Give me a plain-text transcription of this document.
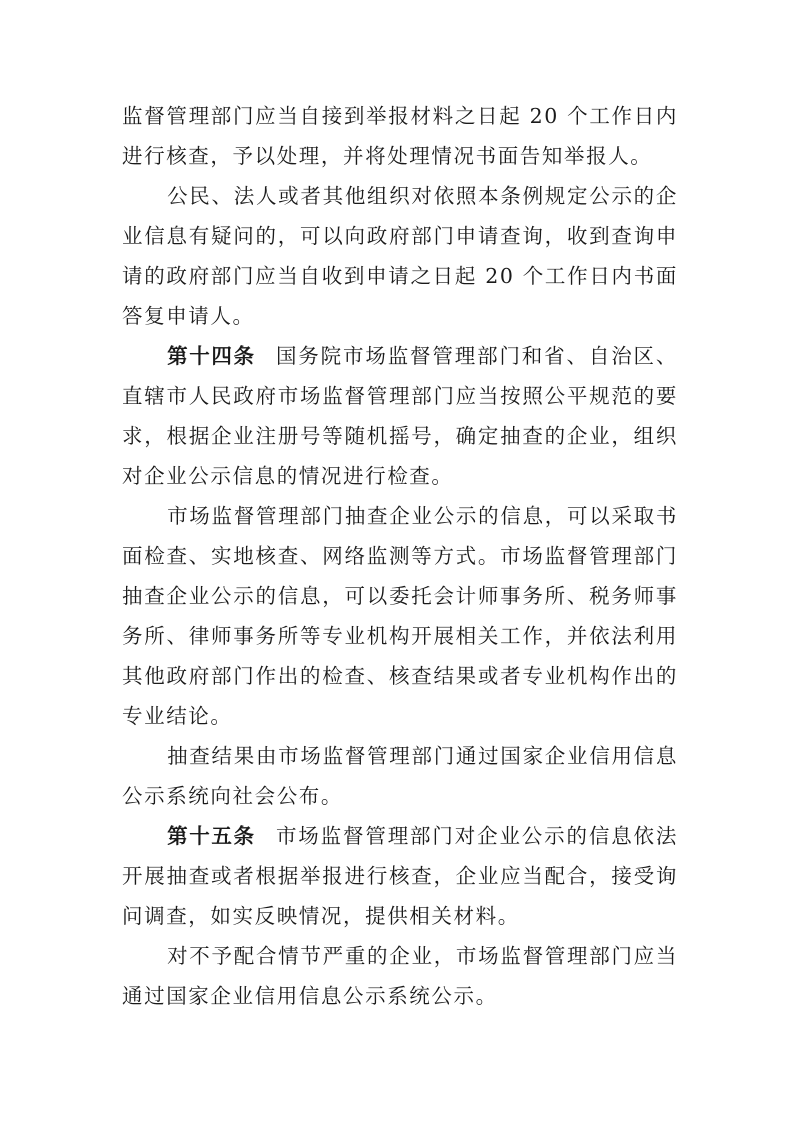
监督管理部门应当自接到举报材料之日起 20 个工作日内进行核查，予以处理，并将处理情况书面告知举报人。

公民、法人或者其他组织对依照本条例规定公示的企业信息有疑问的，可以向政府部门申请查询，收到查询申请的政府部门应当自收到申请之日起 20 个工作日内书面答复申请人。

第十四条 国务院市场监督管理部门和省、自治区、直辖市人民政府市场监督管理部门应当按照公平规范的要求，根据企业注册号等随机摇号，确定抽查的企业，组织对企业公示信息的情况进行检查。

市场监督管理部门抽查企业公示的信息，可以采取书面检查、实地核查、网络监测等方式。市场监督管理部门抽查企业公示的信息，可以委托会计师事务所、税务师事务所、律师事务所等专业机构开展相关工作，并依法利用其他政府部门作出的检查、核查结果或者专业机构作出的专业结论。

抽查结果由市场监督管理部门通过国家企业信用信息公示系统向社会公布。

第十五条 市场监督管理部门对企业公示的信息依法开展抽查或者根据举报进行核查，企业应当配合，接受询问调查，如实反映情况，提供相关材料。

对不予配合情节严重的企业，市场监督管理部门应当通过国家企业信用信息公示系统公示。
